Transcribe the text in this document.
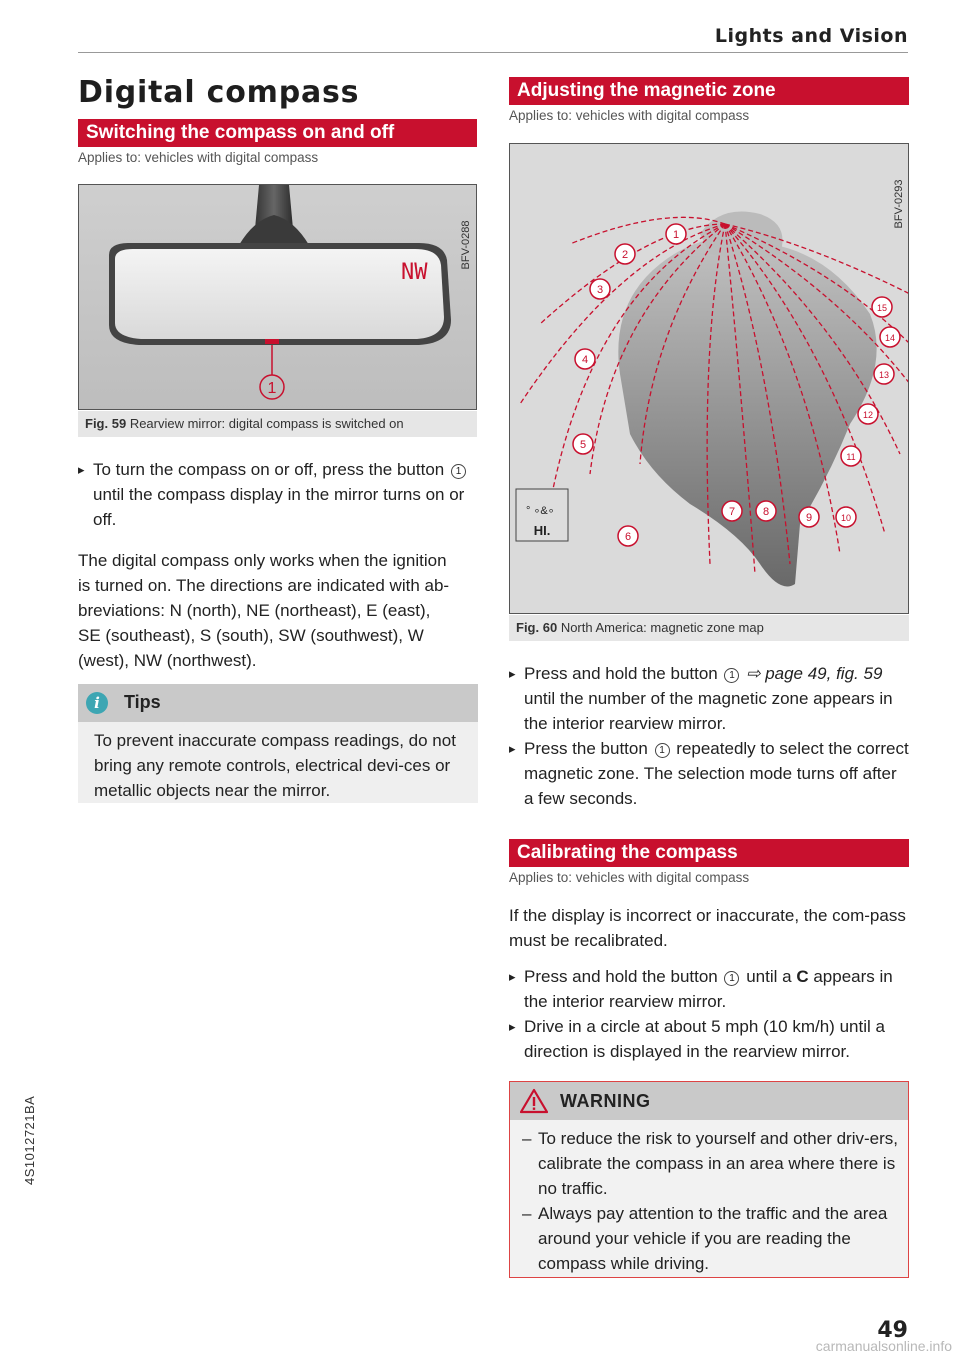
Lights and Vision
Digital compass
Switching the compass on and off
Applies to: vehicles with digital compass
NW
1
BFV-0288
Fig. 59 Rearview mirror: digital compass is switched on
▸ To turn the compass on or off, press the button 1 until the compass display in the mirror turns on or off.
The digital compass only works when the ignition
is turned on. The directions are indicated with ab-
breviations: N (north), NE (northeast), E (east),
SE (southeast), S (south), SW (southwest), W
(west), NW (northwest).
i	Tips
To prevent inaccurate compass readings, do not bring any remote controls, electrical devi-ces or metallic objects near the mirror.
Adjusting the magnetic zone
Applies to: vehicles with digital compass
° ∘&∘
HI.
1
2
3
4
5
6
7	8	9	10
11
12
13
14
15
BFV-0293
Fig. 60 North America: magnetic zone map
▸ Press and hold the button 1 ⇨ page 49, fig. 59 until the number of the magnetic zone appears in the interior rearview mirror.
▸ Press the button 1 repeatedly to select the correct magnetic zone. The selection mode turns off after a few seconds.
Calibrating the compass
Applies to: vehicles with digital compass
If the display is incorrect or inaccurate, the com-pass must be recalibrated.
▸ Press and hold the button 1 until a C appears in the interior rearview mirror.
▸ Drive in a circle at about 5 mph (10 km/h) until a direction is displayed in the rearview mirror.
WARNING
– To reduce the risk to yourself and other driv-ers, calibrate the compass in an area where there is no traffic.
– Always pay attention to the traffic and the area around your vehicle if you are reading the compass while driving.
4S1012721BA
49
carmanualsonline.info
